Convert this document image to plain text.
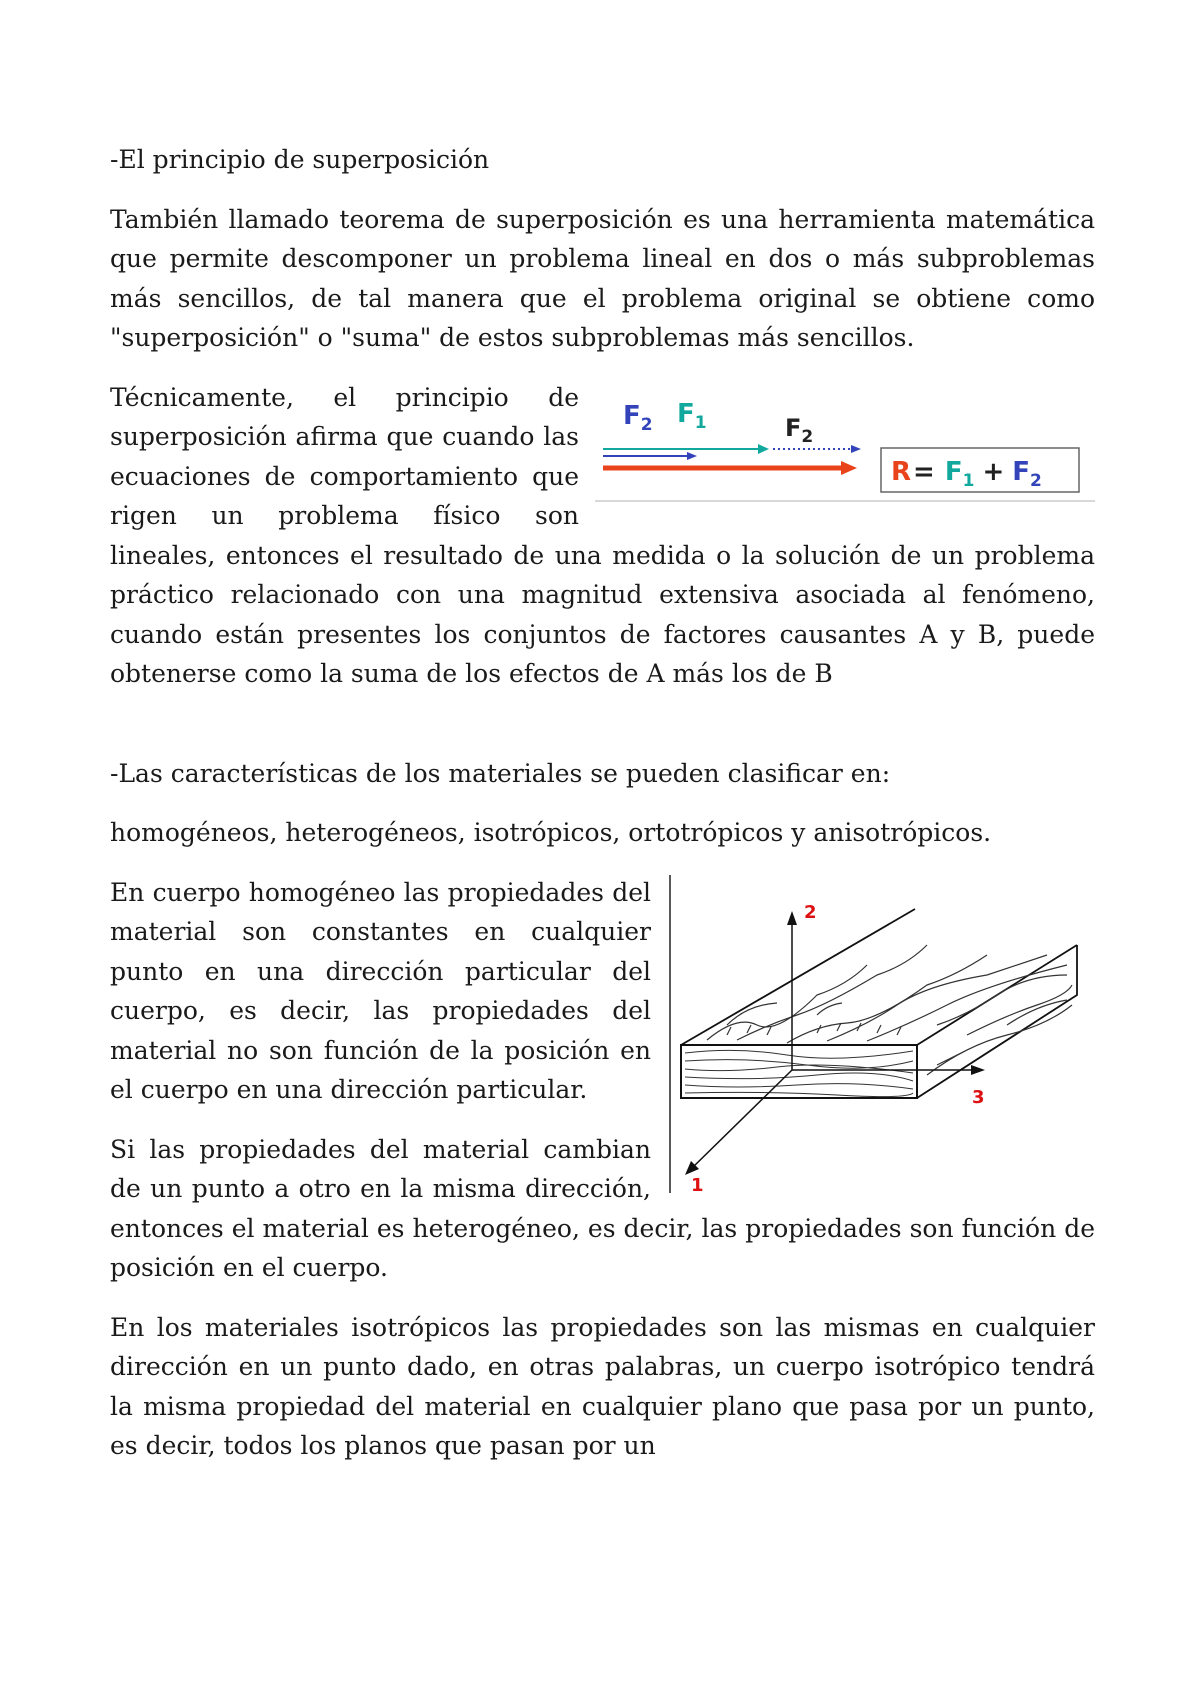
-El principio de superposición

También llamado teorema de superposición es una herramienta matemática que permite descomponer un problema lineal en dos o más subproblemas más sencillos, de tal manera que el problema original se obtiene como "superposición" o "suma" de estos subproblemas más sencillos.

$F_2$ $F_1$	$F_2$
$R= F_1 + F_2$

Técnicamente, el principio de superposición afirma que cuando las ecuaciones de comportamiento que rigen un problema físico son lineales, entonces el resultado de una medida o la solución de un problema práctico relacionado con una magnitud extensiva asociada al fenómeno, cuando están presentes los conjuntos de factores causantes A y B, puede obtenerse como la suma de los efectos de A más los de B

-Las características de los materiales se pueden clasificar en:

homogéneos, heterogéneos, isotrópicos, ortotrópicos y anisotrópicos.

2
3
1

En cuerpo homogéneo las propiedades del material son constantes en cualquier punto en una dirección particular del cuerpo, es decir, las propiedades del material no son función de la posición en el cuerpo en una dirección particular.

Si las propiedades del material cambian de un punto a otro en la misma dirección, entonces el material es heterogéneo, es decir, las propiedades son función de posición en el cuerpo.

En los materiales isotrópicos las propiedades son las mismas en cualquier dirección en un punto dado, en otras palabras, un cuerpo isotrópico tendrá la misma propiedad del material en cualquier plano que pasa por un punto, es decir, todos los planos que pasan por un
